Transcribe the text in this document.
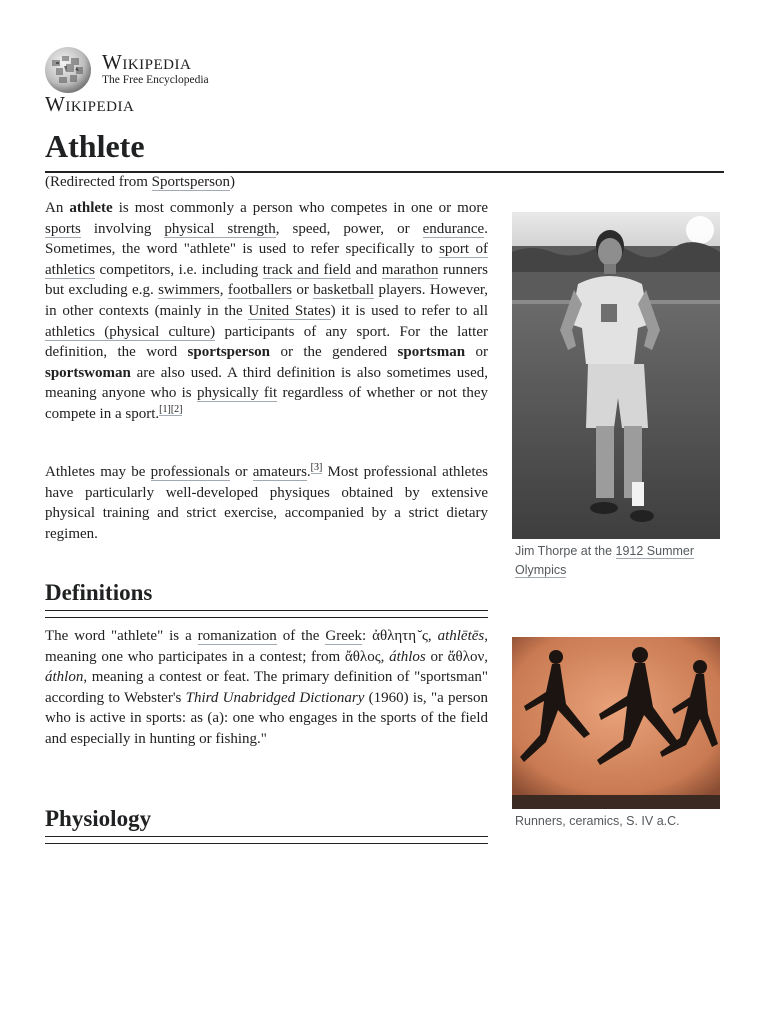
Wikipedia
The Free Encyclopedia
Wikipedia
Athlete
(Redirected from Sportsperson)

An athlete is most commonly a person who competes in one or more sports involving physical strength, speed, power, or endurance. Sometimes, the word "athlete" is used to refer specifically to sport of athletics competitors, i.e. including track and field and marathon runners but excluding e.g. swimmers, footballers or basketball players. However, in other contexts (mainly in the United States) it is used to refer to all athletics (physical culture) participants of any sport. For the latter definition, the word sportsperson or the gendered sportsman or sportswoman are also used. A third definition is also sometimes used, meaning anyone who is physically fit regardless of whether or not they compete in a sport.[1][2]

Athletes may be professionals or amateurs.[3] Most professional athletes have particularly well-developed physiques obtained by extensive physical training and strict exercise, accompanied by a strict dietary regimen.

Definitions

The word "athlete" is a romanization of the Greek: ἀθλητη ̆ς, athlētēs, meaning one who participates in a contest; from ἄθλος, áthlos or ἄθλον, áthlon, meaning a contest or feat. The primary definition of "sportsman" according to Webster's Third Unabridged Dictionary (1960) is, "a person who is active in sports: as (a): one who engages in the sports of the field and especially in hunting or fishing."

Physiology
Jim Thorpe at the 1912 Summer Olympics
Runners, ceramics, S. IV a.C.
